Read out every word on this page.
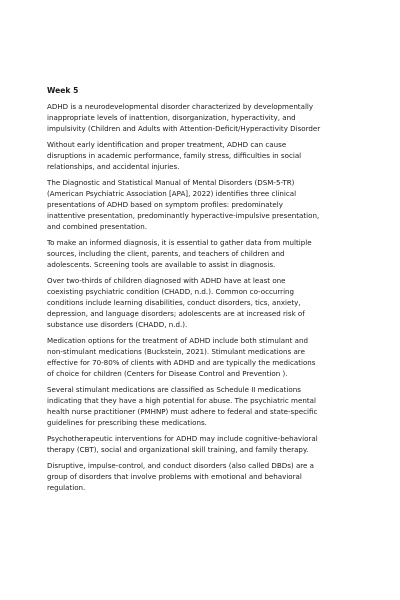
Week 5
ADHD is a neurodevelopmental disorder characterized by developmentally
inappropriate levels of inattention, disorganization, hyperactivity, and
impulsivity (Children and Adults with Attention-Deficit/Hyperactivity Disorder
Without early identification and proper treatment, ADHD can cause
disruptions in academic performance, family stress, difficulties in social
relationships, and accidental injuries.
The Diagnostic and Statistical Manual of Mental Disorders (DSM-5-TR)
(American Psychiatric Association [APA], 2022) identifies three clinical
presentations of ADHD based on symptom profiles: predominately
inattentive presentation, predominantly hyperactive-impulsive presentation,
and combined presentation.
To make an informed diagnosis, it is essential to gather data from multiple
sources, including the client, parents, and teachers of children and
adolescents. Screening tools are available to assist in diagnosis.
Over two-thirds of children diagnosed with ADHD have at least one
coexisting psychiatric condition (CHADD, n.d.). Common co-occurring
conditions include learning disabilities, conduct disorders, tics, anxiety,
depression, and language disorders; adolescents are at increased risk of
substance use disorders (CHADD, n.d.).
Medication options for the treatment of ADHD include both stimulant and
non-stimulant medications (Buckstein, 2021). Stimulant medications are
effective for 70-80% of clients with ADHD and are typically the medications
of choice for children (Centers for Disease Control and Prevention ).
Several stimulant medications are classified as Schedule II medications
indicating that they have a high potential for abuse. The psychiatric mental
health nurse practitioner (PMHNP) must adhere to federal and state-specific
guidelines for prescribing these medications.
Psychotherapeutic interventions for ADHD may include cognitive-behavioral
therapy (CBT), social and organizational skill training, and family therapy.
Disruptive, impulse-control, and conduct disorders (also called DBDs) are a
group of disorders that involve problems with emotional and behavioral
regulation.
